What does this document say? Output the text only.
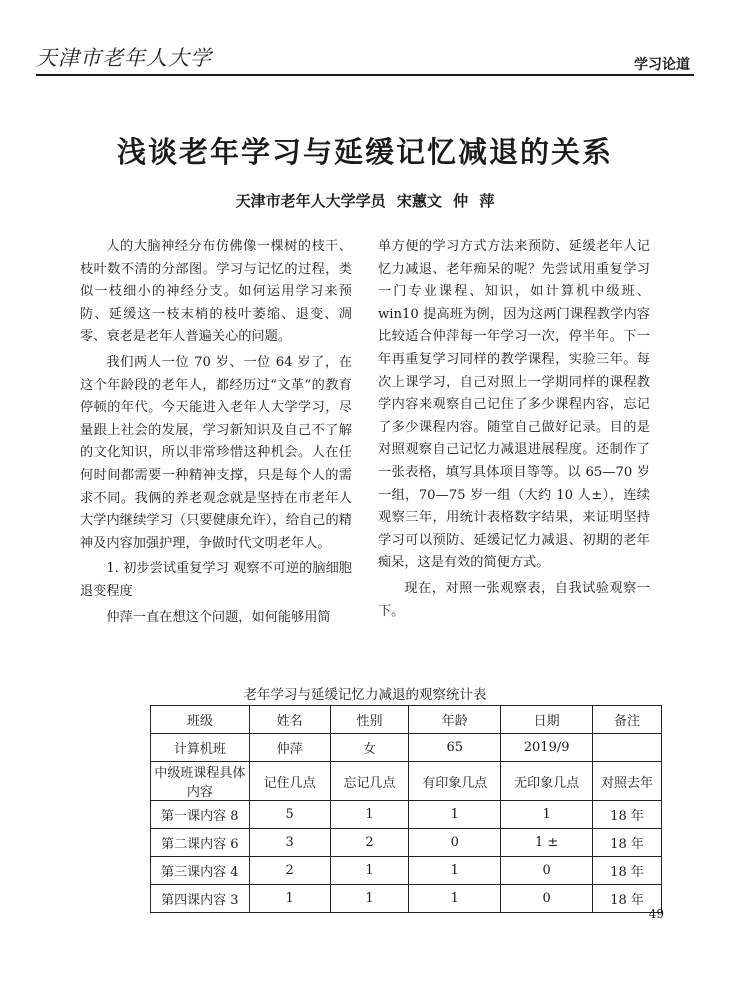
天津市老年人大学	学习论道
浅谈老年学习与延缓记忆减退的关系
天津市老年人大学学员 宋蕙文 仲 萍

人的大脑神经分布仿佛像一棵树的枝干、枝叶数不清的分部图。学习与记忆的过程，类似一枝细小的神经分支。如何运用学习来预防、延缓这一枝末梢的枝叶萎缩、退变、凋零、衰老是老年人普遍关心的问题。

我们两人一位 70 岁、一位 64 岁了，在这个年龄段的老年人，都经历过“文革”的教育停顿的年代。今天能进入老年人大学学习，尽量跟上社会的发展，学习新知识及自己不了解的文化知识，所以非常珍惜这种机会。人在任何时间都需要一种精神支撑，只是每个人的需求不同。我俩的养老观念就是坚持在市老年人大学内继续学习（只要健康允许），给自己的精神及内容加强护理，争做时代文明老年人。

1. 初步尝试重复学习 观察不可逆的脑细胞退变程度

仲萍一直在想这个问题，如何能够用简

单方便的学习方式方法来预防、延缓老年人记忆力减退、老年痴呆的呢？先尝试用重复学习一门专业课程、知识，如计算机中级班、win10 提高班为例，因为这两门课程教学内容比较适合仲萍每一年学习一次，停半年。下一年再重复学习同样的教学课程，实验三年。每次上课学习，自己对照上一学期同样的课程教学内容来观察自己记住了多少课程内容，忘记了多少课程内容。随堂自己做好记录。目的是对照观察自己记忆力减退进展程度。还制作了一张表格，填写具体项目等等。以 65—70 岁一组，70—75 岁一组（大约 10 人±），连续观察三年，用统计表格数字结果，来证明坚持学习可以预防、延缓记忆力减退、初期的老年痴呆，这是有效的简便方式。

现在，对照一张观察表，自我试验观察一下。

老年学习与延缓记忆力减退的观察统计表
班级	姓名	性别	年龄	日期	备注
计算机班	仲萍	女	65	2019/9	
中级班课程具体内容	记住几点	忘记几点	有印象几点	无印象几点	对照去年
第一课内容 8	5	1	1	1	18 年
第二课内容 6	3	2	0	1 ±	18 年
第三课内容 4	2	1	1	0	18 年
第四课内容 3	1	1	1	0	18 年
49
